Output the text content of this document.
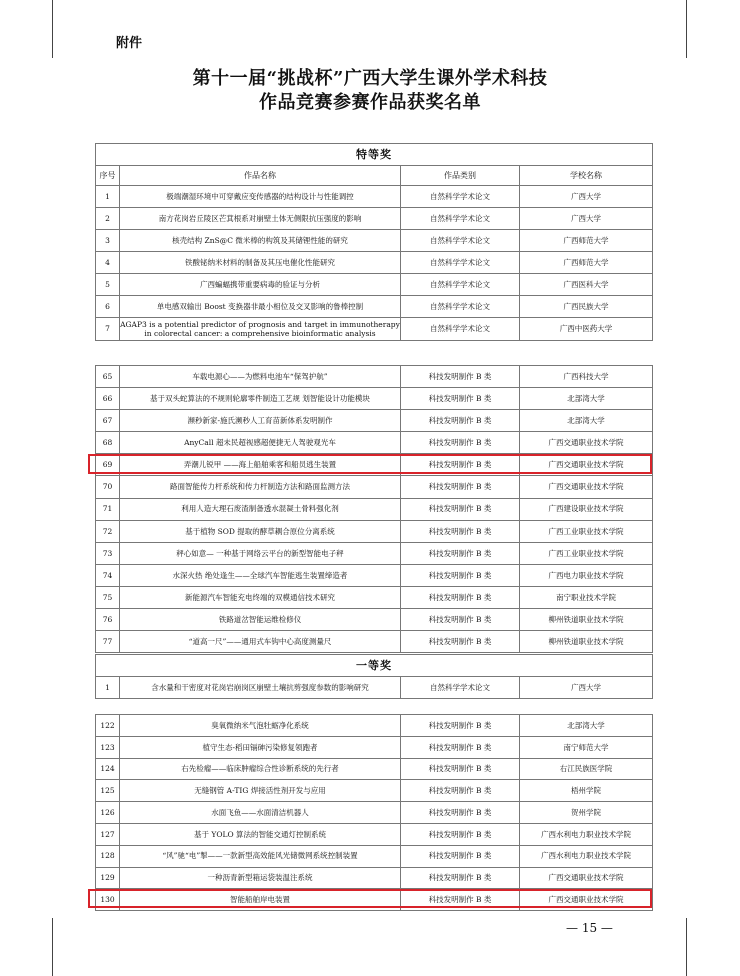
附件
第十一届“挑战杯”广西大学生课外学术科技
作品竞赛参赛作品获奖名单
特等奖			
序号	作品名称	作品类别	学校名称
1	极端潮湿环境中可穿戴应变传感器的结构设计与性能调控	自然科学学术论文	广西大学
2	南方花岗岩丘陵区芒萁根系对崩壁土体无侧限抗压强度的影响	自然科学学术论文	广西大学
3	核壳结构 ZnS@C 微米棒的构筑及其储锂性能的研究	自然科学学术论文	广西师范大学
4	铁酸铋纳米材料的制备及其压电催化性能研究	自然科学学术论文	广西师范大学
5	广西蝙蝠携带重要病毒的验证与分析	自然科学学术论文	广西医科大学
6	单电感双输出 Boost 变换器非最小相位及交叉影响的鲁棒控制	自然科学学术论文	广西民族大学
7	AGAP3 is a potential predictor of prognosis and target in immunotherapy in colorectal cancer: a comprehensive bioinformatic analysis	自然科学学术论文	广西中医药大学
65	车载电源心——为燃料电池车“保驾护航”	科技发明制作 B 类	广西科技大学
66	基于双头蛇算法的不规则轮廓零件制造工艺规 划智能设计功能模块	科技发明制作 B 类	北部湾大学
67	濒秒新家-施氏濒秒人工育苗新体系发明制作	科技发明制作 B 类	北部湾大学
68	AnyCall 超未民超视感超便捷无人驾驶观光车	科技发明制作 B 类	广西交通职业技术学院
69	弄潮儿锐甲 ——海上船舶乘客和船员逃生装置	科技发明制作 B 类	广西交通职业技术学院
70	路面智能传力杆系统和传力杆制造方法和路面监测方法	科技发明制作 B 类	广西交通职业技术学院
71	利用人造大理石废渣制备透水混凝土骨料强化剂	科技发明制作 B 类	广西建设职业技术学院
72	基于植物 SOD 提取的酵草耦合原位分离系统	科技发明制作 B 类	广西工业职业技术学院
73	秤心如意— 一种基于网络云平台的新型智能电子秤	科技发明制作 B 类	广西工业职业技术学院
74	水深火热 绝处逢生——全球汽车智能逃生装置缔造者	科技发明制作 B 类	广西电力职业技术学院
75	新能源汽车智能充电终端的双模通信技术研究	科技发明制作 B 类	南宁职业技术学院
76	铁路道岔智能运维检修仪	科技发明制作 B 类	柳州铁道职业技术学院
77	“道高一尺”——通用式车钩中心高度测量尺	科技发明制作 B 类	柳州铁道职业技术学院
一等奖
1	含水量和干密度对花岗岩崩岗区崩壁土壤抗剪强度参数的影响研究	自然科学学术论文	广西大学
122	臭氧微纳米气泡牡蛎净化系统	科技发明制作 B 类	北部湾大学
123	植守生态-稻田镉砷污染修复领跑者	科技发明制作 B 类	南宁师范大学
124	右先检瘤——临床肿瘤综合性诊断系统的先行者	科技发明制作 B 类	右江民族医学院
125	无缝钢管 A-TIG 焊接活性剂开发与应用	科技发明制作 B 类	梧州学院
126	水面飞鱼——水面清洁机器人	科技发明制作 B 类	贺州学院
127	基于 YOLO 算法的智能交通灯控制系统	科技发明制作 B 类	广西水利电力职业技术学院
128	“风”驰“电”掣——一款新型高效能风光储微网系统控制装置	科技发明制作 B 类	广西水利电力职业技术学院
129	一种沥青新型箱运袋装温注系统	科技发明制作 B 类	广西交通职业技术学院
130	智能船舶岸电装置	科技发明制作 B 类	广西交通职业技术学院
— 15 —
